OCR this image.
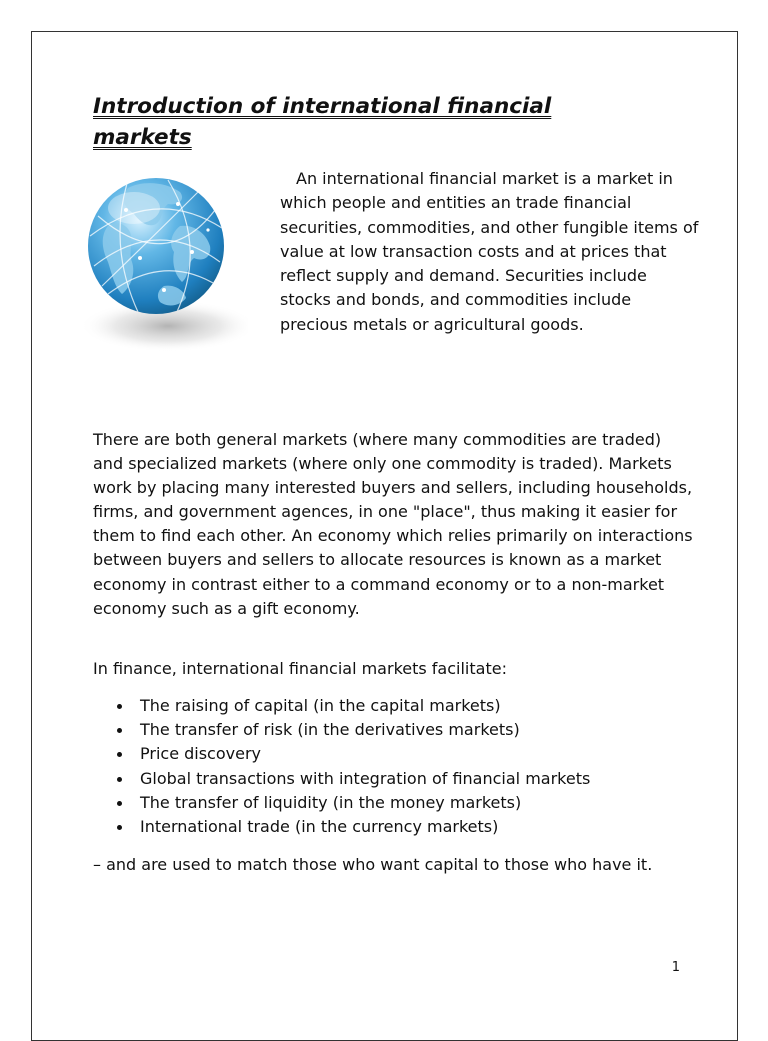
Introduction of international financial markets

An international financial market is a market in which people and entities an trade financial securities, commodities, and other fungible items of value at low transaction costs and at prices that reflect supply and demand. Securities include stocks and bonds, and commodities include precious metals or agricultural goods.

There are both general markets (where many commodities are traded) and specialized markets (where only one commodity is traded). Markets work by placing many interested buyers and sellers, including households, firms, and government agences, in one "place", thus making it easier for them to find each other. An economy which relies primarily on interactions between buyers and sellers to allocate resources is known as a market economy in contrast either to a command economy or to a non-market economy such as a gift economy.

In finance, international financial markets facilitate:

The raising of capital (in the capital markets)
The transfer of risk (in the derivatives markets)
Price discovery
Global transactions with integration of financial markets
The transfer of liquidity (in the money markets)
International trade (in the currency markets)

– and are used to match those who want capital to those who have it.

1
